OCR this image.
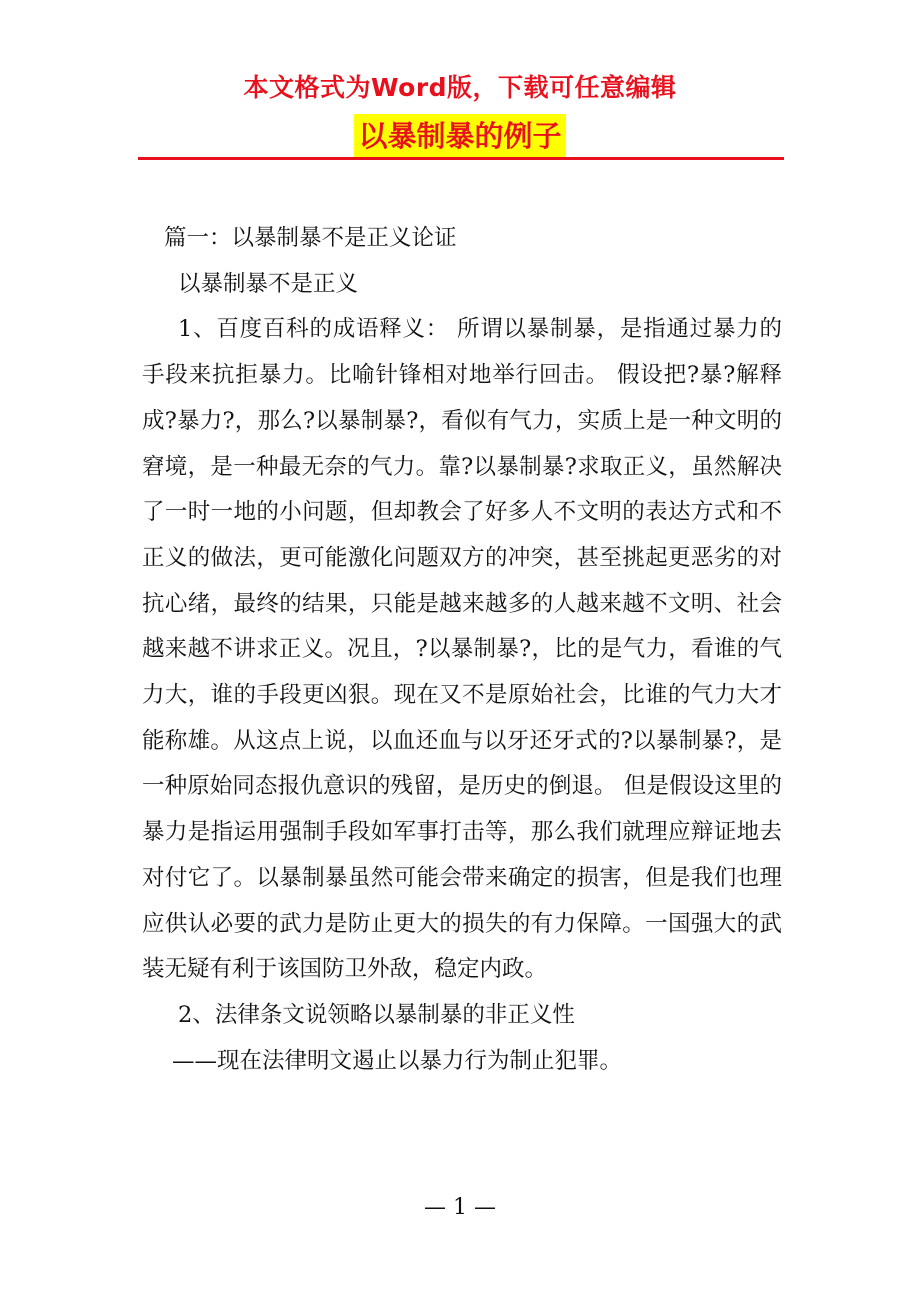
本文格式为Word版，下载可任意编辑
以暴制暴的例子

篇一：以暴制暴不是正义论证

以暴制暴不是正义

1、百度百科的成语释义： 所谓以暴制暴，是指通过暴力的手段来抗拒暴力。比喻针锋相对地举行回击。 假设把?暴?解释成?暴力?，那么?以暴制暴?，看似有气力，实质上是一种文明的窘境，是一种最无奈的气力。靠?以暴制暴?求取正义，虽然解决了一时一地的小问题，但却教会了好多人不文明的表达方式和不正义的做法，更可能激化问题双方的冲突，甚至挑起更恶劣的对抗心绪，最终的结果，只能是越来越多的人越来越不文明、社会越来越不讲求正义。况且，?以暴制暴?，比的是气力，看谁的气力大，谁的手段更凶狠。现在又不是原始社会，比谁的气力大才能称雄。从这点上说，以血还血与以牙还牙式的?以暴制暴?，是一种原始同态报仇意识的残留，是历史的倒退。 但是假设这里的暴力是指运用强制手段如军事打击等，那么我们就理应辩证地去对付它了。以暴制暴虽然可能会带来确定的损害，但是我们也理应供认必要的武力是防止更大的损失的有力保障。一国强大的武装无疑有利于该国防卫外敌，稳定内政。

2、法律条文说领略以暴制暴的非正义性

——现在法律明文遏止以暴力行为制止犯罪。

— 1 —
